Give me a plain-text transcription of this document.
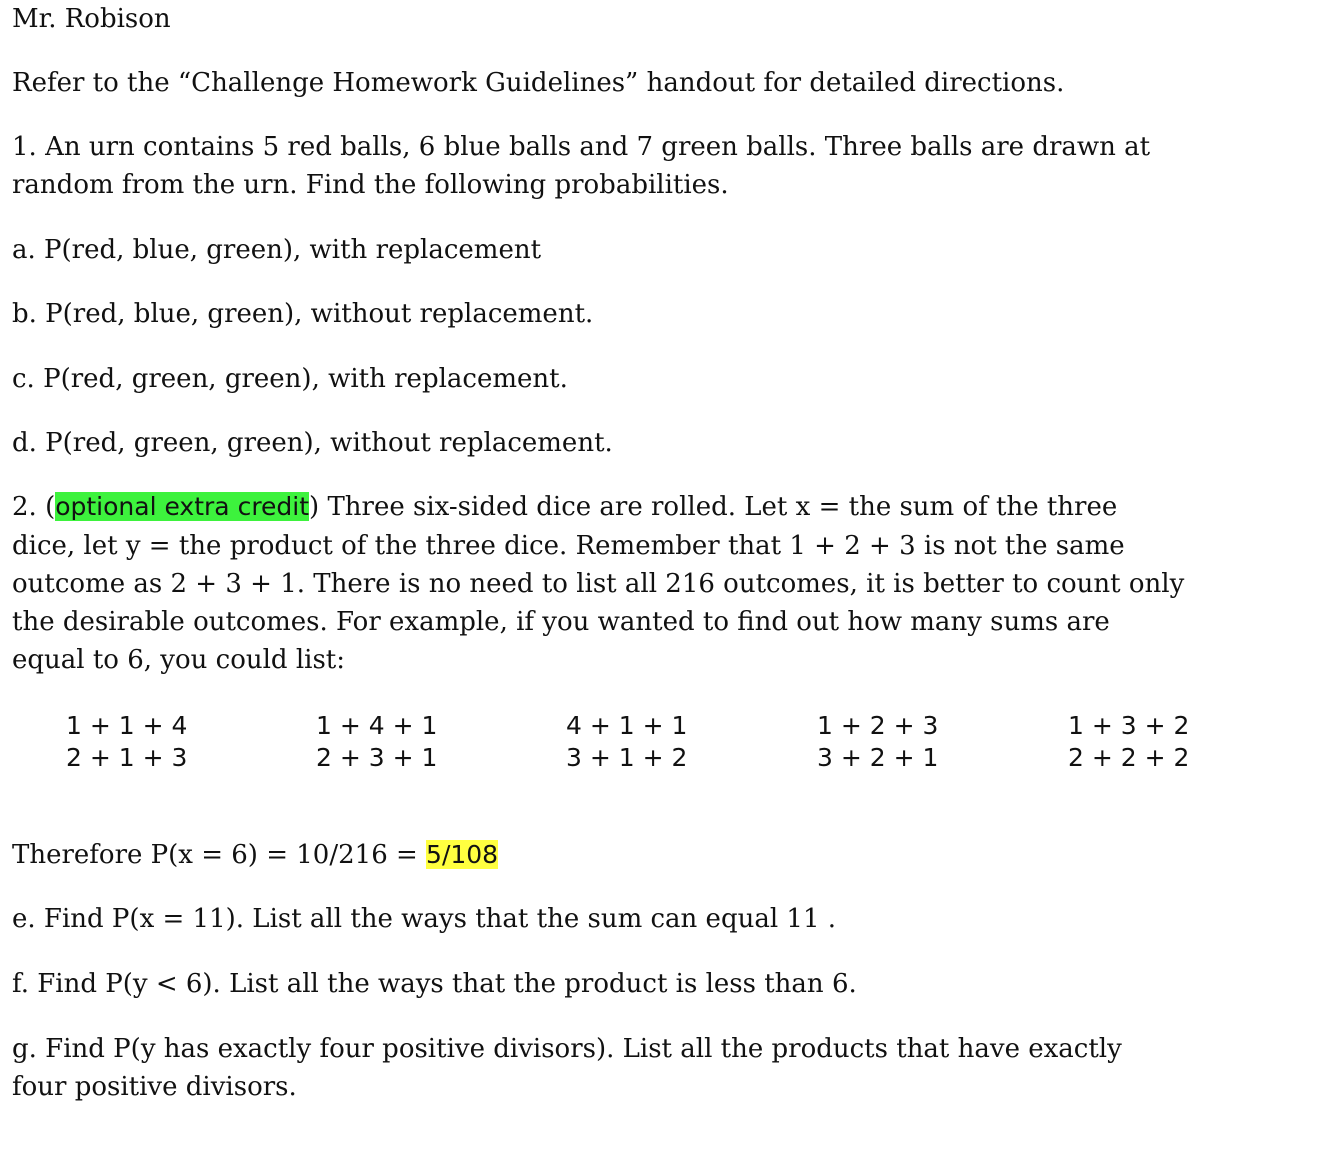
Mr. Robison
Refer to the “Challenge Homework Guidelines” handout for detailed directions.
1. An urn contains 5 red balls, 6 blue balls and 7 green balls. Three balls are drawn at
random from the urn. Find the following probabilities.
a. P(red, blue, green), with replacement
b. P(red, blue, green), without replacement.
c. P(red, green, green), with replacement.
d. P(red, green, green), without replacement.
2. (optional extra credit) Three six-sided dice are rolled. Let x = the sum of the three
dice, let y = the product of the three dice. Remember that 1 + 2 + 3 is not the same
outcome as 2 + 3 + 1. There is no need to list all 216 outcomes, it is better to count only
the desirable outcomes. For example, if you wanted to find out how many sums are
equal to 6, you could list:
1 + 1 + 4
2 + 1 + 3
1 + 4 + 1
2 + 3 + 1
4 + 1 + 1
3 + 1 + 2
1 + 2 + 3
3 + 2 + 1
1 + 3 + 2
2 + 2 + 2
Therefore P(x = 6) = 10/216 = 5/108
e. Find P(x = 11). List all the ways that the sum can equal 11 .
f. Find P(y < 6). List all the ways that the product is less than 6.
g. Find P(y has exactly four positive divisors). List all the products that have exactly
four positive divisors.
